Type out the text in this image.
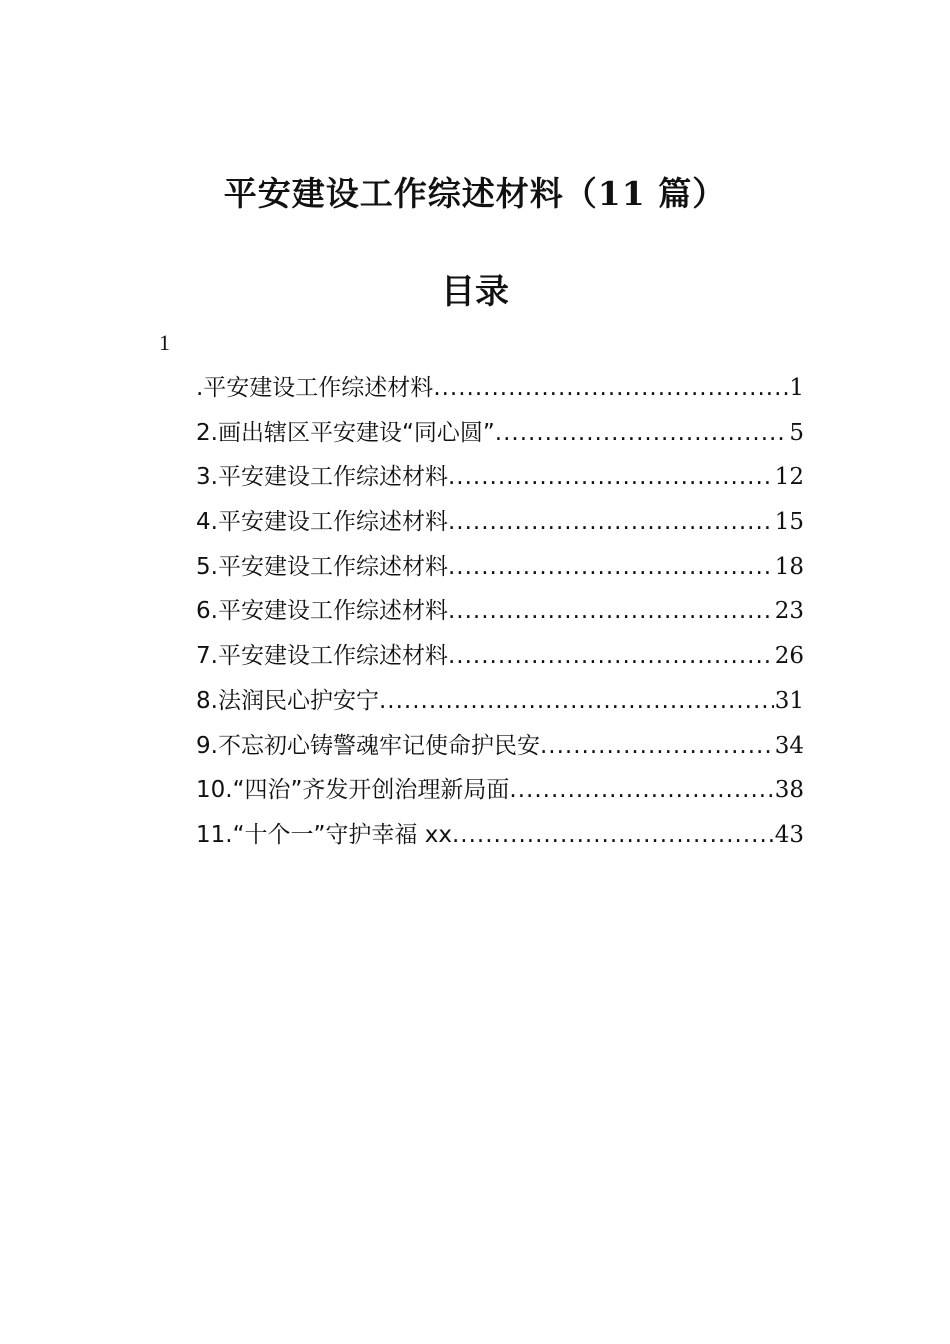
平安建设工作综述材料（11 篇）
目录
1
.平安建设工作综述材料 .....	1
2.画出辖区平安建设“同心圆” .....	5
3.平安建设工作综述材料 .....	12
4.平安建设工作综述材料 .....	15
5.平安建设工作综述材料 .....	18
6.平安建设工作综述材料 .....	23
7.平安建设工作综述材料 .....	26
8.法润民心护安宁 .....	31
9.不忘初心铸警魂牢记使命护民安 .....	34
10.“四治”齐发开创治理新局面 .....	38
11.“十个一”守护幸福 xx .....	43
